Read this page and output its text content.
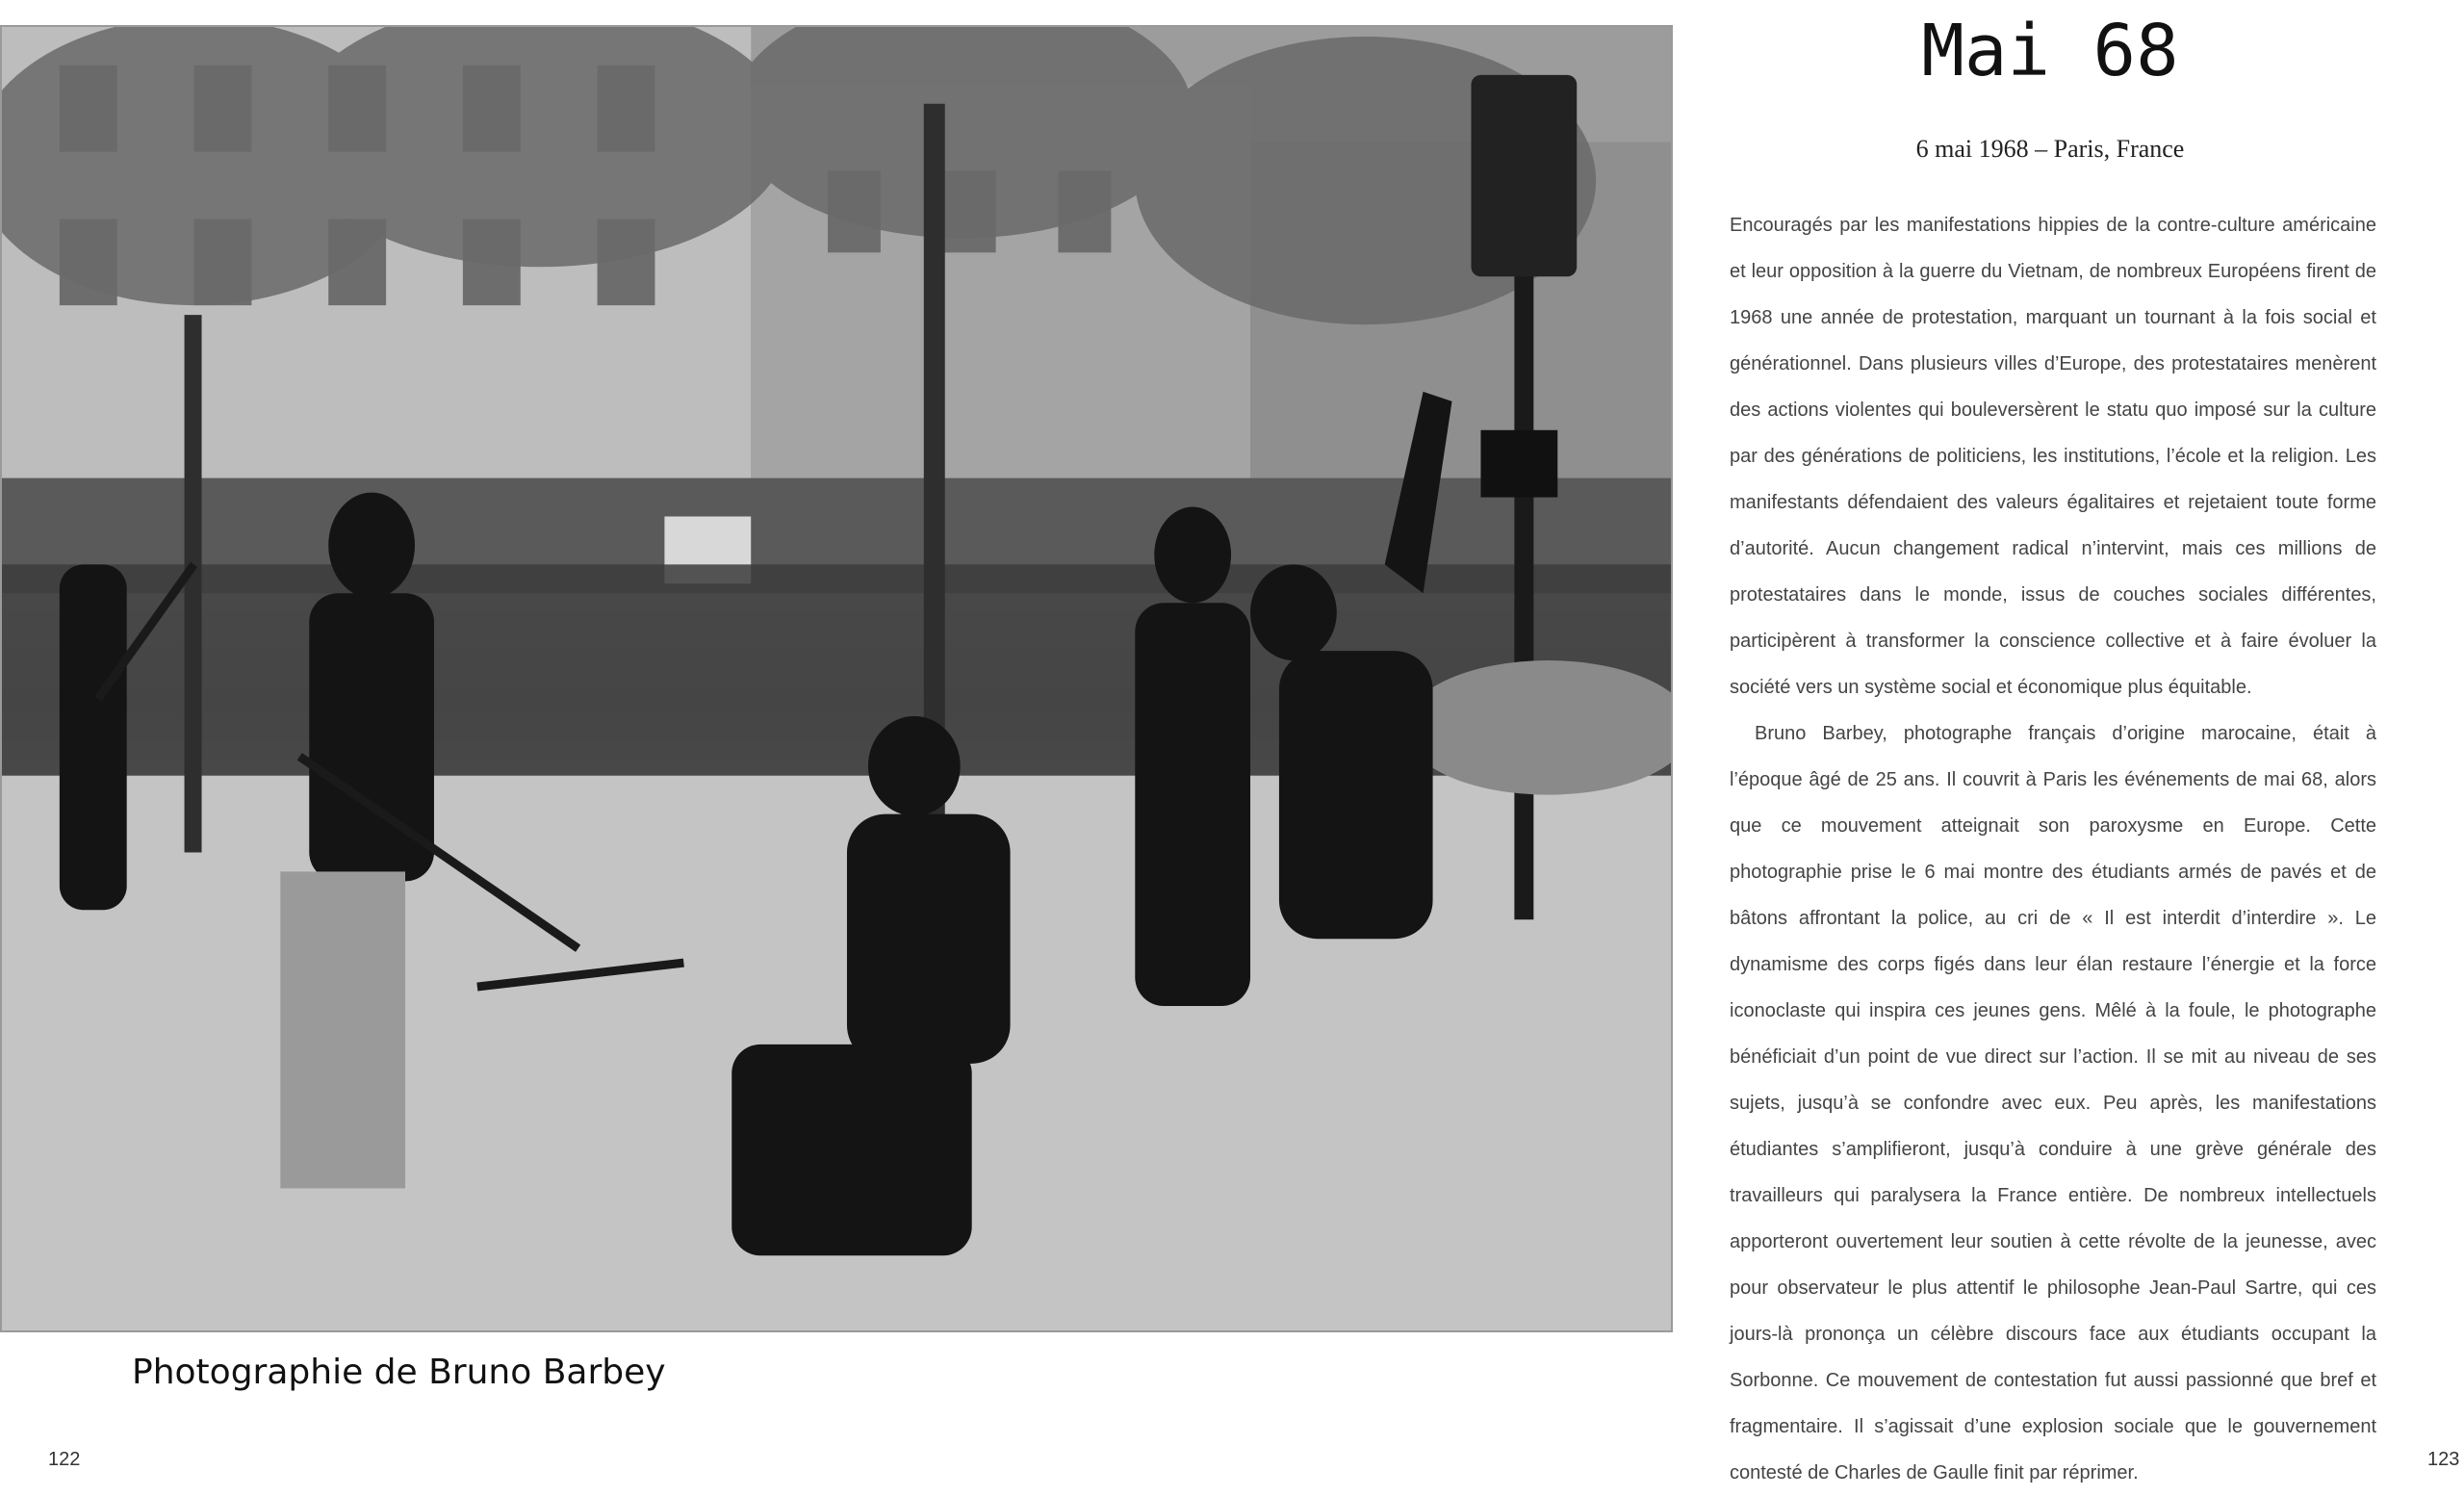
Photographie de Bruno Barbey

122

Mai 68

6 mai 1968 – Paris, France

Encouragés par les manifestations hippies de la contre-culture américaine et leur opposition à la guerre du Vietnam, de nombreux Européens firent de 1968 une année de protestation, marquant un tournant à la fois social et générationnel. Dans plusieurs villes d’Europe, des protestataires menèrent des actions violentes qui bouleversèrent le statu quo imposé sur la culture par des générations de politiciens, les institutions, l’école et la religion. Les manifestants défendaient des valeurs égalitaires et rejetaient toute forme d’autorité. Aucun changement radical n’intervint, mais ces millions de protestataires dans le monde, issus de couches sociales différentes, participèrent à transformer la conscience collective et à faire évoluer la société vers un système social et économique plus équitable.

Bruno Barbey, photographe français d’origine marocaine, était à l’époque âgé de 25 ans. Il couvrit à Paris les événements de mai 68, alors que ce mouvement atteignait son paroxysme en Europe. Cette photographie prise le 6 mai montre des étudiants armés de pavés et de bâtons affrontant la police, au cri de « Il est interdit d’interdire ». Le dynamisme des corps figés dans leur élan restaure l’énergie et la force iconoclaste qui inspira ces jeunes gens. Mêlé à la foule, le photographe bénéficiait d’un point de vue direct sur l’action. Il se mit au niveau de ses sujets, jusqu’à se confondre avec eux. Peu après, les manifestations étudiantes s’amplifieront, jusqu’à conduire à une grève générale des travailleurs qui paralysera la France entière. De nombreux intellectuels apporteront ouvertement leur soutien à cette révolte de la jeunesse, avec pour observateur le plus attentif le philosophe Jean-Paul Sartre, qui ces jours-là prononça un célèbre discours face aux étudiants occupant la Sorbonne. Ce mouvement de contestation fut aussi passionné que bref et fragmentaire. Il s’agissait d’une explosion sociale que le gouvernement contesté de Charles de Gaulle finit par réprimer.

123
